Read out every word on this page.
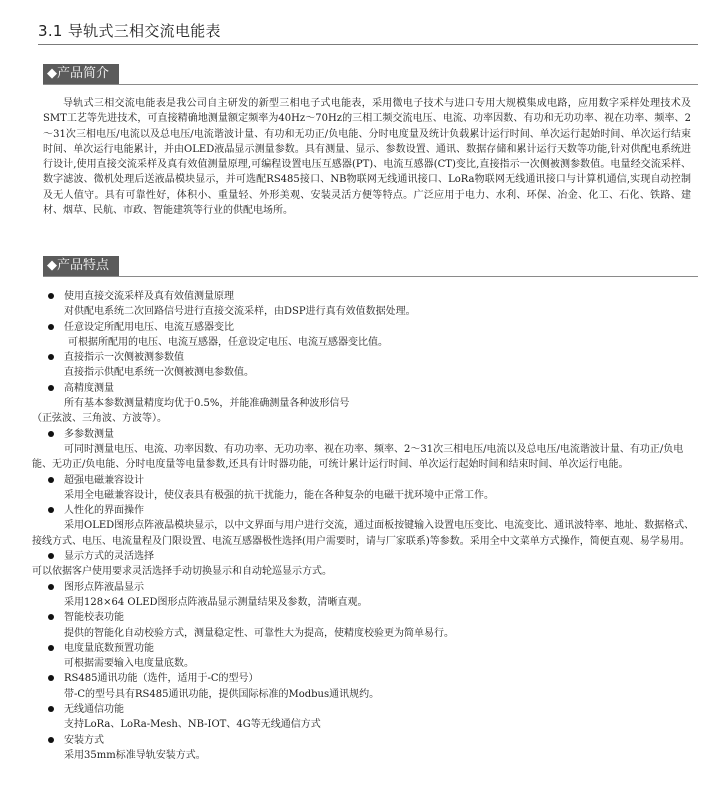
3.1 导轨式三相交流电能表
◆产品简介

导轨式三相交流电能表是我公司自主研发的新型三相电子式电能表，采用微电子技术与进口专用大规模集成电路，应用数字采样处理技术及SMT工艺等先进技术，可直接精确地测量额定频率为40Hz～70Hz的三相工频交流电压、电流、功率因数、有功和无功功率、视在功率、频率、2～31次三相电压/电流以及总电压/电流谐波计量、有功和无功正/负电能、分时电度量及统计负载累计运行时间、单次运行起始时间、单次运行结束时间、单次运行电能累计，并由OLED液晶显示测量参数。具有测量、显示、参数设置、通讯、数据存储和累计运行天数等功能,针对供配电系统进行设计,使用直接交流采样及真有效值测量原理,可编程设置电压互感器(PT)、电流互感器(CT)变比,直接指示一次侧被测参数值。电量经交流采样、数字滤波、微机处理后送液晶模块显示，并可选配RS485接口、NB物联网无线通讯接口、LoRa物联网无线通讯接口与计算机通信,实现自动控制及无人值守。具有可靠性好，体积小、重量轻、外形美观、安装灵活方便等特点。广泛应用于电力、水利、环保、冶金、化工、石化、铁路、建材、烟草、民航、市政、智能建筑等行业的供配电场所。

◆产品特点
使用直接交流采样及真有效值测量原理
对供配电系统二次回路信号进行直接交流采样，由DSP进行真有效值数据处理。
任意设定所配用电压、电流互感器变比
可根据所配用的电压、电流互感器，任意设定电压、电流互感器变比值。
直接指示一次侧被测参数值
直接指示供配电系统一次侧被测电参数值。
高精度测量
所有基本参数测量精度均优于0.5%，并能准确测量各种波形信号
（正弦波、三角波、方波等）。
多参数测量
可同时测量电压、电流、功率因数、有功功率、无功功率、视在功率、频率、2～31次三相电压/电流以及总电压/电流谐波计量、有功正/负电能、无功正/负电能、分时电度量等电量参数,还具有计时器功能，可统计累计运行时间、单次运行起始时间和结束时间、单次运行电能。
超强电磁兼容设计
采用全电磁兼容设计，使仪表具有极强的抗干扰能力，能在各种复杂的电磁干扰环境中正常工作。
人性化的界面操作
采用OLED图形点阵液晶模块显示，以中文界面与用户进行交流，通过面板按键输入设置电压变比、电流变比、通讯波特率、地址、数据格式、接线方式、电压、电流量程及门限设置、电流互感器极性选择(用户需要时，请与厂家联系)等参数。采用全中文菜单方式操作，简便直观、易学易用。
显示方式的灵活选择
可以依据客户使用要求灵活选择手动切换显示和自动轮巡显示方式。
图形点阵液晶显示
采用128×64 OLED图形点阵液晶显示测量结果及参数，清晰直观。
智能校表功能
提供的智能化自动校验方式，测量稳定性、可靠性大为提高，使精度校验更为简单易行。
电度量底数预置功能
可根据需要输入电度量底数。
RS485通讯功能（选件，适用于-C的型号）
带-C的型号具有RS485通讯功能，提供国际标准的Modbus通讯规约。
无线通信功能
支持LoRa、LoRa-Mesh、NB-IOT、4G等无线通信方式
安装方式
采用35mm标准导轨安装方式。
